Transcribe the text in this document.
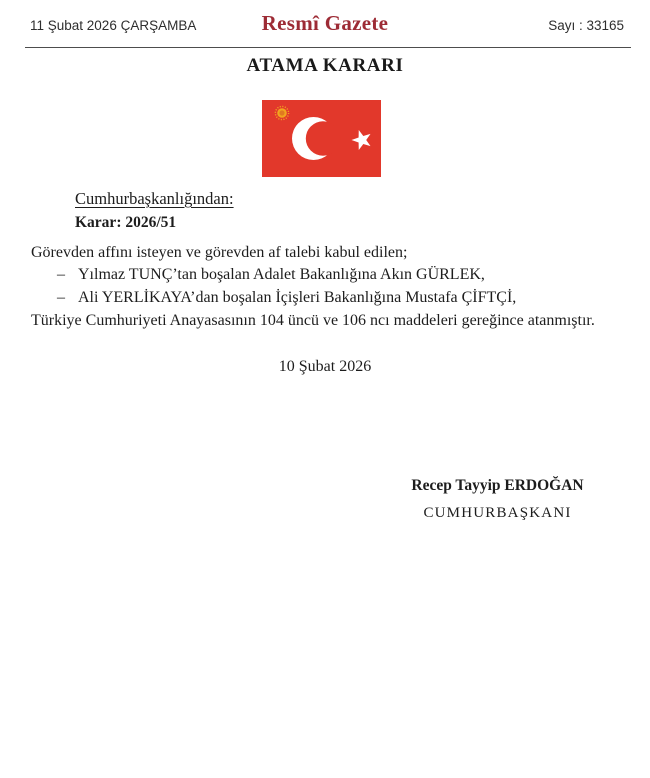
11 Şubat 2026 ÇARŞAMBA	Resmî Gazete	Sayı : 33165
ATAMA KARARI
Cumhurbaşkanlığından:
Karar: 2026/51
Görevden affını isteyen ve görevden af talebi kabul edilen;
– Yılmaz TUNÇ’tan boşalan Adalet Bakanlığına Akın GÜRLEK,
– Ali YERLİKAYA’dan boşalan İçişleri Bakanlığına Mustafa ÇİFTÇİ,
Türkiye Cumhuriyeti Anayasasının 104 üncü ve 106 ncı maddeleri gereğince atanmıştır.
10 Şubat 2026
Recep Tayyip ERDOĞAN
CUMHURBAŞKANI
